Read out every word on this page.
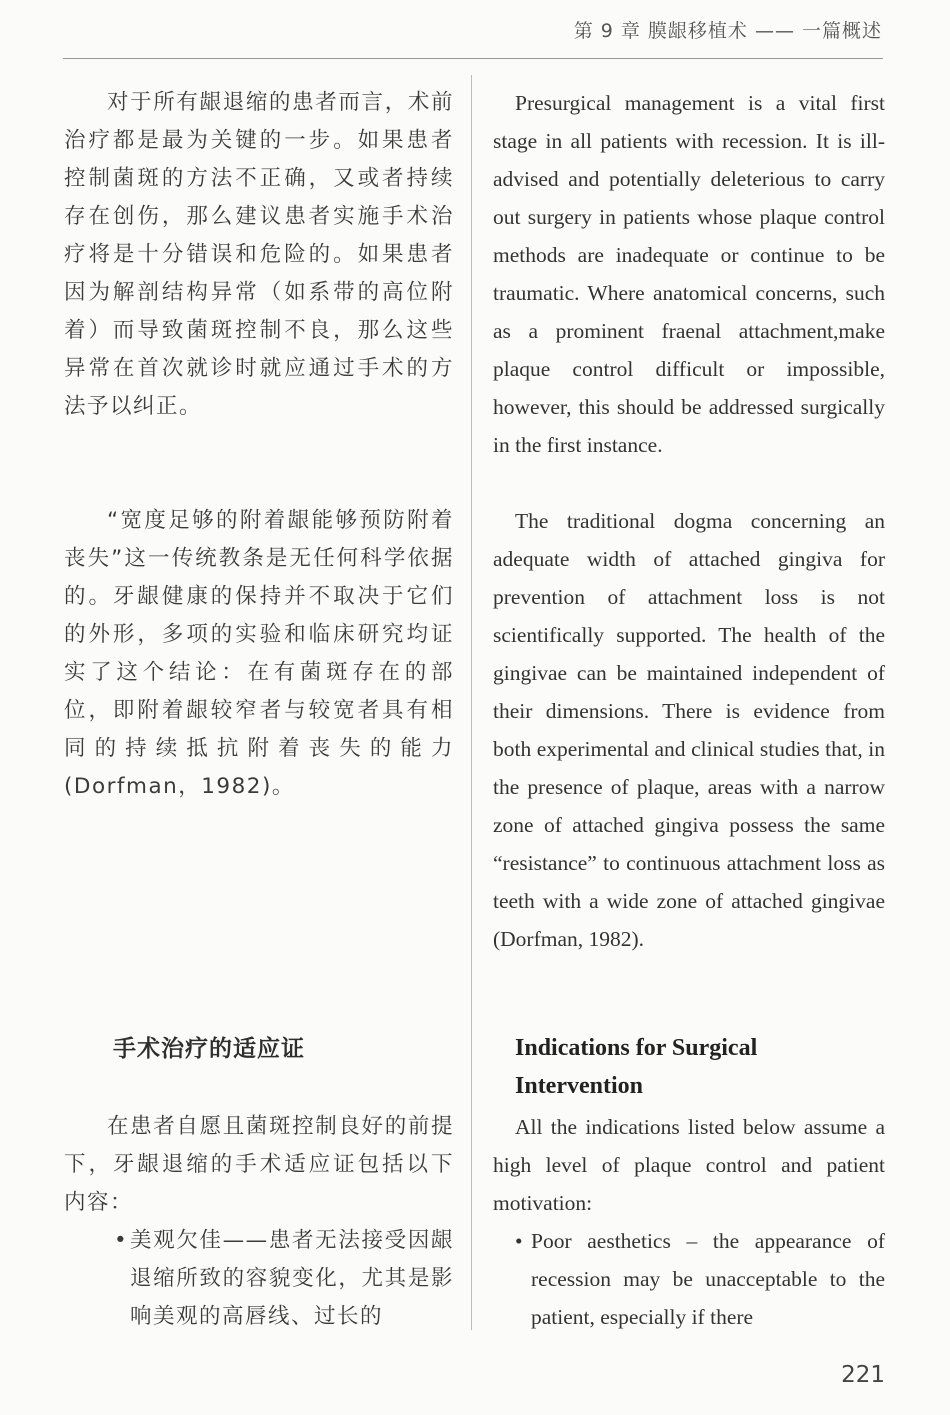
第 9 章 膜龈移植术 —— 一篇概述

对于所有龈退缩的患者而言，术前治疗都是最为关键的一步。如果患者控制菌斑的方法不正确，又或者持续存在创伤，那么建议患者实施手术治疗将是十分错误和危险的。如果患者因为解剖结构异常（如系带的高位附着）而导致菌斑控制不良，那么这些异常在首次就诊时就应通过手术的方法予以纠正。

“宽度足够的附着龈能够预防附着丧失”这一传统教条是无任何科学依据的。牙龈健康的保持并不取决于它们的外形，多项的实验和临床研究均证实了这个结论：在有菌斑存在的部位，即附着龈较窄者与较宽者具有相同的持续抵抗附着丧失的能力(Dorfman，1982)。

手术治疗的适应证

在患者自愿且菌斑控制良好的前提下，牙龈退缩的手术适应证包括以下内容：

• 美观欠佳——患者无法接受因龈退缩所致的容貌变化，尤其是影响美观的高唇线、过长的

Presurgical management is a vital first stage in all patients with recession. It is ill-advised and potentially deleterious to carry out surgery in patients whose plaque control methods are inadequate or continue to be traumatic. Where anatomical concerns, such as a prominent fraenal attachment,make plaque control difficult or impossible, however, this should be addressed surgically in the first instance.

The traditional dogma concerning an adequate width of attached gingiva for prevention of attachment loss is not scientifically supported. The health of the gingivae can be maintained independent of their dimensions. There is evidence from both experimental and clinical studies that, in the presence of plaque, areas with a narrow zone of attached gingiva possess the same “resistance” to continuous attachment loss as teeth with a wide zone of attached gingivae (Dorfman, 1982).

Indications for Surgical Intervention

All the indications listed below assume a high level of plaque control and patient motivation:

• Poor aesthetics – the appearance of recession may be unacceptable to the patient, especially if there

221
